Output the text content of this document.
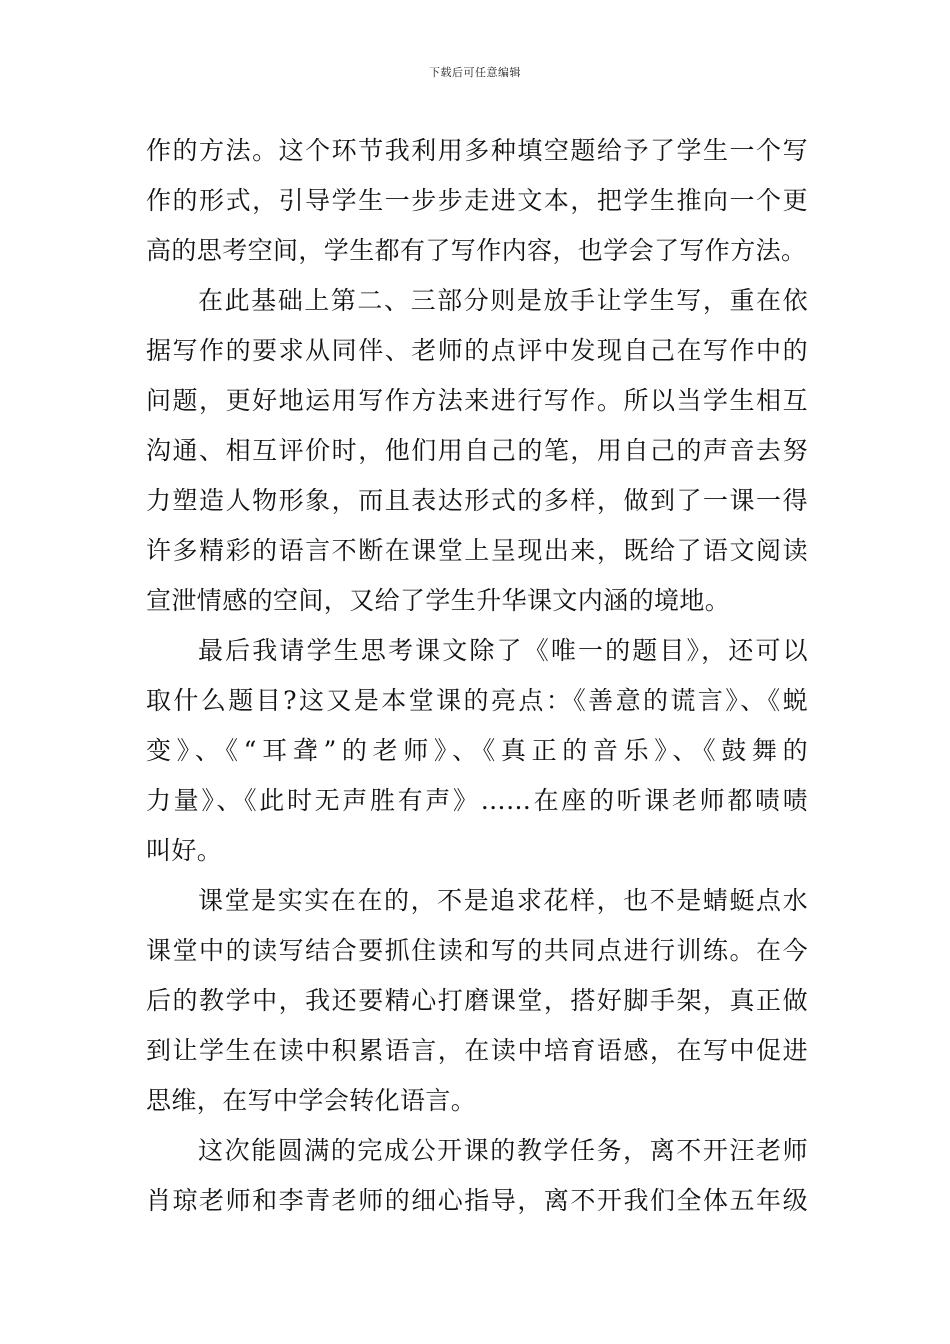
下载后可任意编辑
作的方法。这个环节我利用多种填空题给予了学生一个写
作的形式，引导学生一步步走进文本，把学生推向一个更
高的思考空间，学生都有了写作内容，也学会了写作方法。
在此基础上第二、三部分则是放手让学生写，重在依
据写作的要求从同伴、老师的点评中发现自己在写作中的
问题，更好地运用写作方法来进行写作。所以当学生相互
沟通、相互评价时，他们用自己的笔，用自己的声音去努
力塑造人物形象，而且表达形式的多样，做到了一课一得
许多精彩的语言不断在课堂上呈现出来，既给了语文阅读
宣泄情感的空间，又给了学生升华课文内涵的境地。
最后我请学生思考课文除了《唯一的题目》，还可以
取什么题目?这又是本堂课的亮点：《善意的谎言》、《蜕
变》、《“耳聋”的老师》、《真正的音乐》、《鼓舞的
力量》、《此时无声胜有声》……在座的听课老师都啧啧
叫好。
课堂是实实在在的，不是追求花样，也不是蜻蜓点水
课堂中的读写结合要抓住读和写的共同点进行训练。在今
后的教学中，我还要精心打磨课堂，搭好脚手架，真正做
到让学生在读中积累语言，在读中培育语感，在写中促进
思维，在写中学会转化语言。
这次能圆满的完成公开课的教学任务，离不开汪老师
肖琼老师和李青老师的细心指导，离不开我们全体五年级
